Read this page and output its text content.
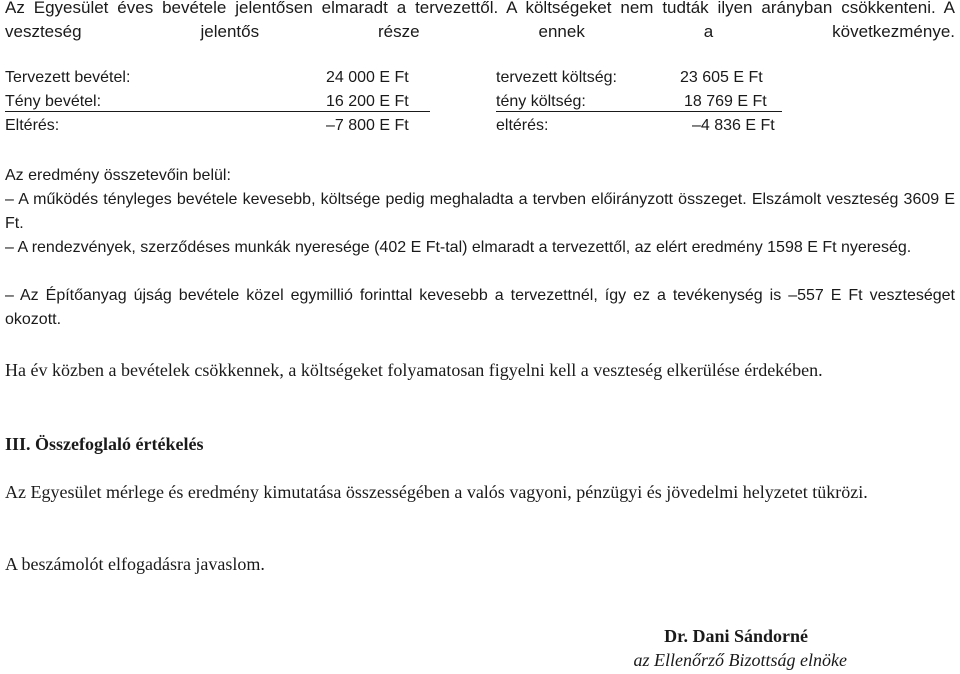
Az Egyesület éves bevétele jelentősen elmaradt a tervezettől. A költségeket nem tudták ilyen arányban csökkenteni. A veszteség jelentős része ennek a következménye.

Tervezett bevétel:	24 000 E Ft	tervezett költség:	23 605 E Ft
Tény bevétel:	16 200 E Ft	tény költség:	18 769 E Ft
Eltérés:	–7 800 E Ft	eltérés:	–4 836 E Ft
Az eredmény összetevőin belül:

– A működés tényleges bevétele kevesebb, költsége pedig meghaladta a tervben előirányzott összeget. Elszámolt veszteség 3609 E Ft.

– A rendezvények, szerződéses munkák nyeresége (402 E Ft-tal) elmaradt a tervezettől, az elért eredmény 1598 E Ft nyereség.

– Az Építőanyag újság bevétele közel egymillió forinttal kevesebb a tervezettnél, így ez a tevékenység is –557 E Ft veszteséget okozott.

Ha év közben a bevételek csökkennek, a költségeket folyamatosan figyelni kell a veszteség elkerülése érdekében.

III. Összefoglaló értékelés

Az Egyesület mérlege és eredmény kimutatása összességében a valós vagyoni, pénzügyi és jövedelmi helyzetet tükrözi.

A beszámolót elfogadásra javaslom.
Dr. Dani Sándorné
az Ellenőrző Bizottság elnöke
